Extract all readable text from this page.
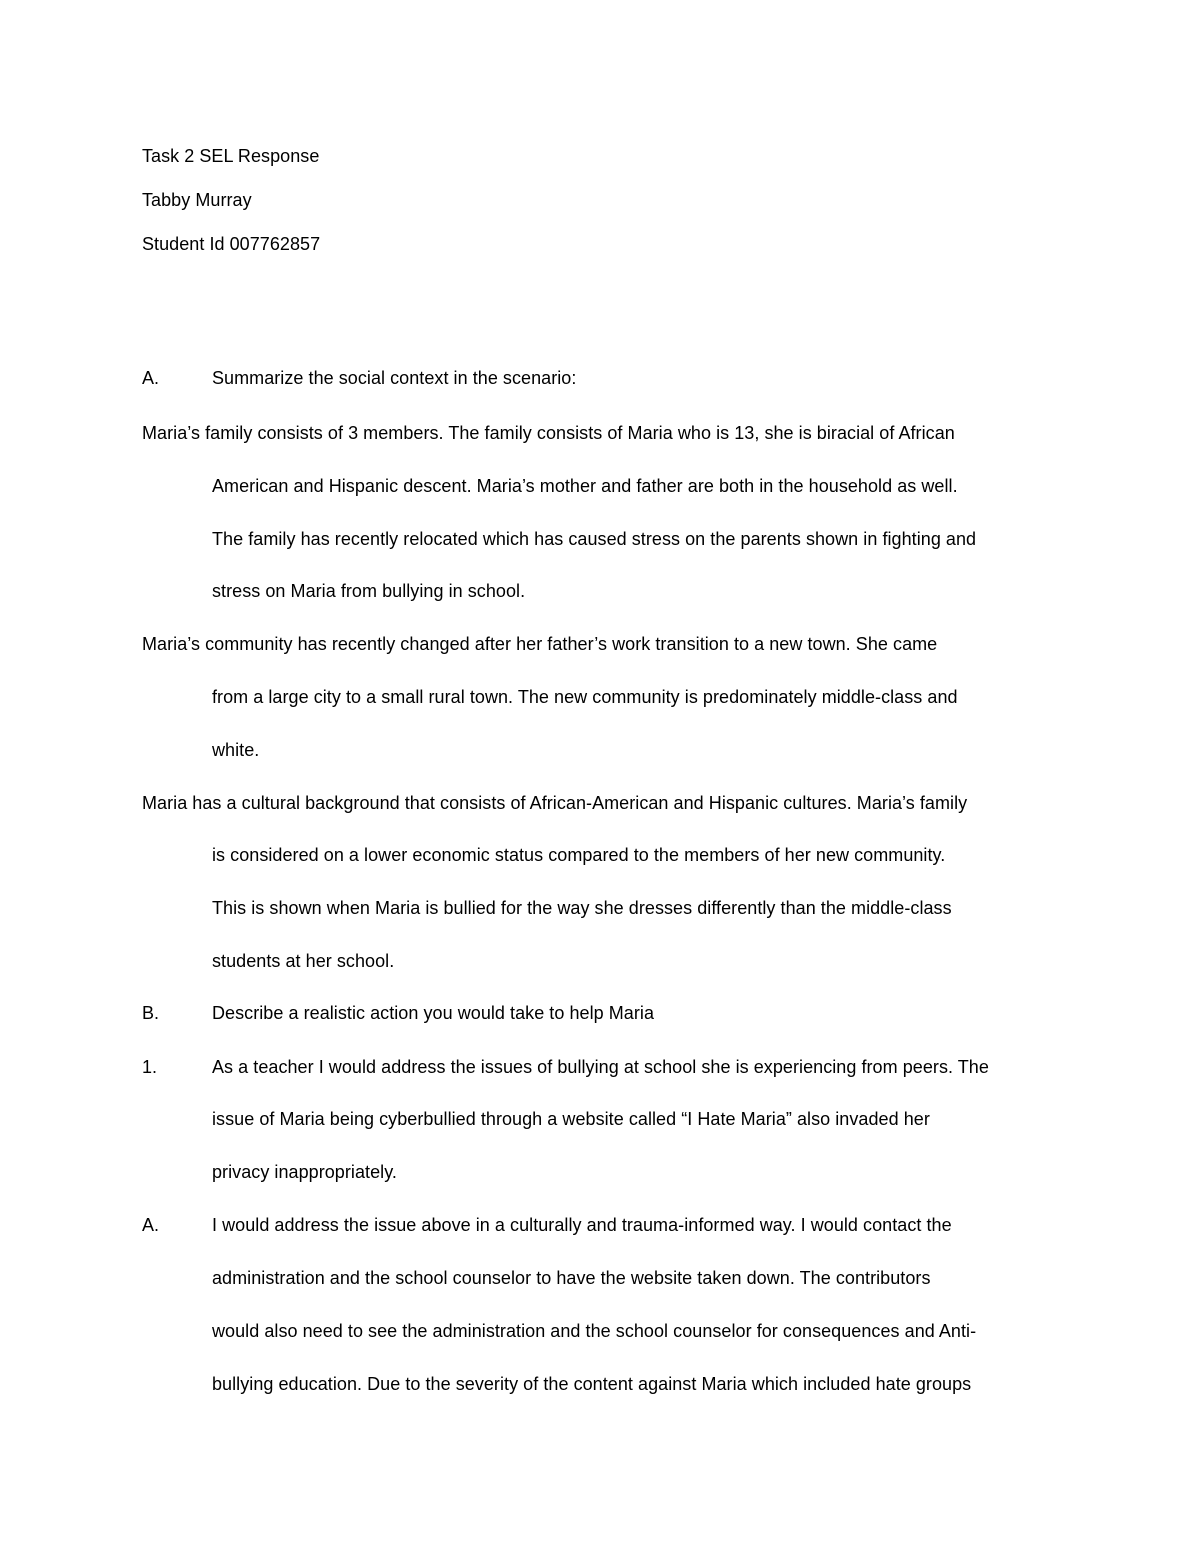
Task 2 SEL Response
Tabby Murray
Student Id 007762857
A.	Summarize the social context in the scenario:
Maria’s family consists of 3 members. The family consists of Maria who is 13, she is biracial of African
American and Hispanic descent. Maria’s mother and father are both in the household as well.
The family has recently relocated which has caused stress on the parents shown in fighting and
stress on Maria from bullying in school.
Maria’s community has recently changed after her father’s work transition to a new town. She came
from a large city to a small rural town. The new community is predominately middle-class and
white.
Maria has a cultural background that consists of African-American and Hispanic cultures. Maria’s family
is considered on a lower economic status compared to the members of her new community.
This is shown when Maria is bullied for the way she dresses differently than the middle-class
students at her school.
B.	Describe a realistic action you would take to help Maria
1.	As a teacher I would address the issues of bullying at school she is experiencing from peers. The
issue of Maria being cyberbullied through a website called “I Hate Maria” also invaded her
privacy inappropriately.
A.	I would address the issue above in a culturally and trauma-informed way. I would contact the
administration and the school counselor to have the website taken down. The contributors
would also need to see the administration and the school counselor for consequences and Anti-
bullying education. Due to the severity of the content against Maria which included hate groups
